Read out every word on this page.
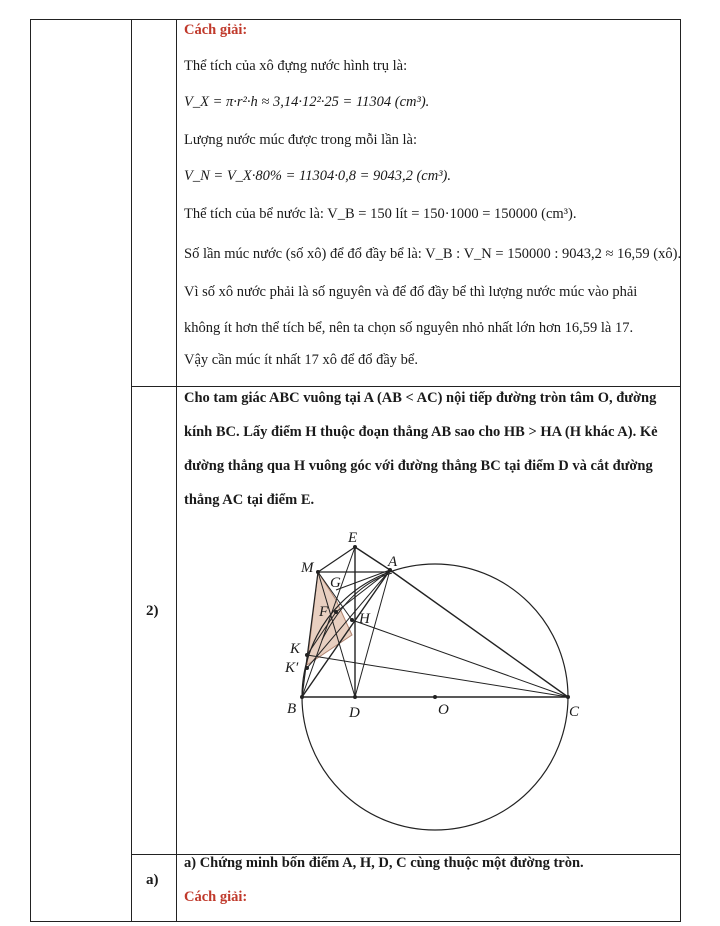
Cách giải:
Thể tích của xô đựng nước hình trụ là:
V_X = π·r²·h ≈ 3,14·12²·25 = 11304 (cm³).
Lượng nước múc được trong mỗi lần là:
V_N = V_X·80% = 11304·0,8 = 9043,2 (cm³).
Thể tích của bể nước là: V_B = 150 lít = 150·1000 = 150000 (cm³).
Số lần múc nước (số xô) để đổ đầy bể là: V_B : V_N = 150000 : 9043,2 ≈ 16,59 (xô).
Vì số xô nước phải là số nguyên và để đổ đầy bể thì lượng nước múc vào phải
không ít hơn thể tích bể, nên ta chọn số nguyên nhỏ nhất lớn hơn 16,59 là 17.
Vậy cần múc ít nhất 17 xô để đổ đầy bể.
2)
Cho tam giác ABC vuông tại A (AB < AC) nội tiếp đường tròn tâm O, đường
kính BC. Lấy điểm H thuộc đoạn thẳng AB sao cho HB > HA (H khác A). Kẻ
đường thẳng qua H vuông góc với đường thẳng BC tại điểm D và cắt đường
thẳng AC tại điểm E.
E
A
M
G
F H
K
K′
B	D	O	C
a)
a) Chứng minh bốn điểm A, H, D, C cùng thuộc một đường tròn.
Cách giải:
